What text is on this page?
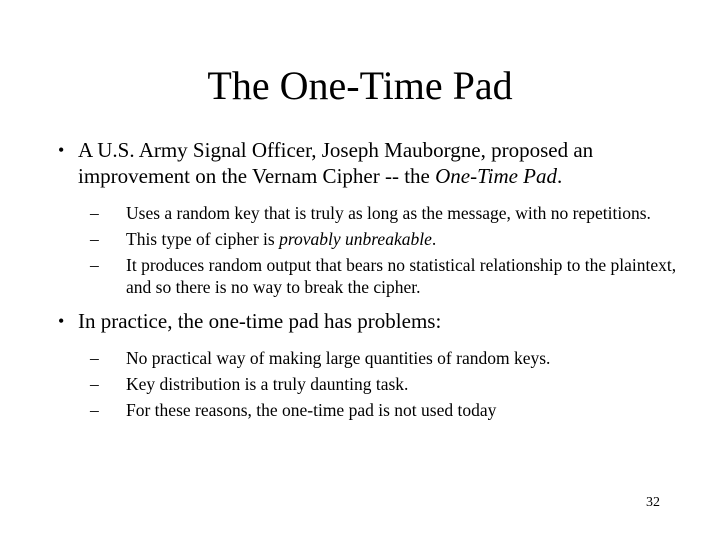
The One-Time Pad
• A U.S. Army Signal Officer, Joseph Mauborgne, proposed an improvement on the Vernam Cipher -- the One-Time Pad.
– Uses a random key that is truly as long as the message, with no repetitions.
– This type of cipher is provably unbreakable.
– It produces random output that bears no statistical relationship to the plaintext, and so there is no way to break the cipher.
• In practice, the one-time pad has problems:
– No practical way of making large quantities of random keys.
– Key distribution is a truly daunting task.
– For these reasons, the one-time pad is not used today
32
